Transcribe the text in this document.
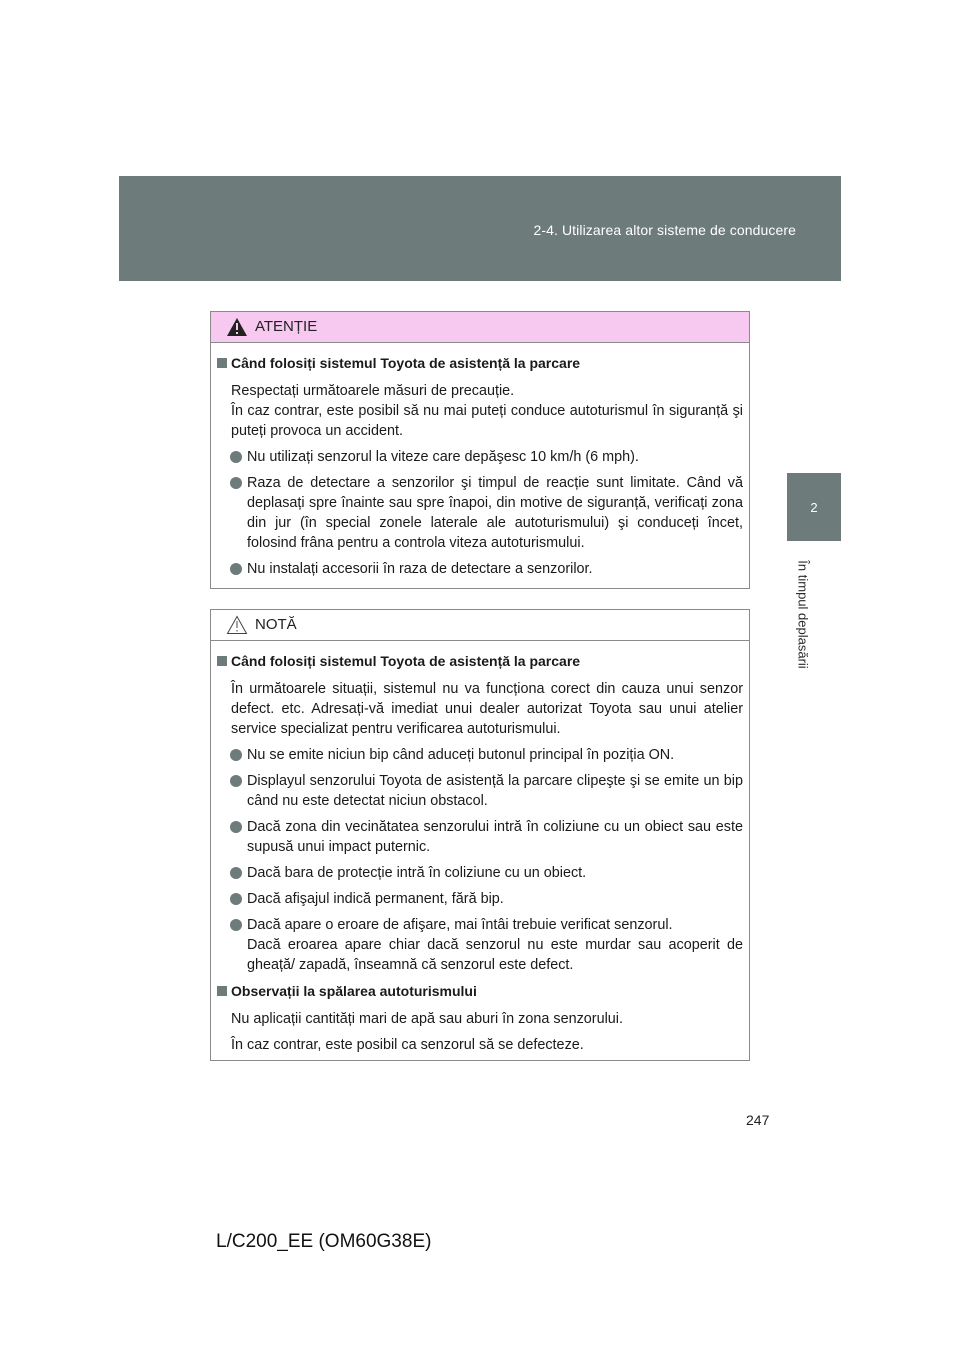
2-4. Utilizarea altor sisteme de conducere
2
În timpul deplasării
ATENȚIE
Când folosiți sistemul Toyota de asistență la parcare
Respectați următoarele măsuri de precauție.
În caz contrar, este posibil să nu mai puteți conduce autoturismul în siguranță şi puteți provoca un accident.
Nu utilizați senzorul la viteze care depăşesc 10 km/h (6 mph).
Raza de detectare a senzorilor şi timpul de reacție sunt limitate. Când vă deplasați spre înainte sau spre înapoi, din motive de siguranță, verificați zona din jur (în special zonele laterale ale autoturismului) şi conduceți încet, folosind frâna pentru a controla viteza autoturismului.
Nu instalați accesorii în raza de detectare a senzorilor.
NOTĂ
Când folosiți sistemul Toyota de asistență la parcare
În următoarele situații, sistemul nu va funcționa corect din cauza unui senzor defect. etc. Adresați-vă imediat unui dealer autorizat Toyota sau unui atelier service specializat pentru verificarea autoturismului.
Nu se emite niciun bip când aduceți butonul principal în poziția ON.
Displayul senzorului Toyota de asistență la parcare clipeşte şi se emite un bip când nu este detectat niciun obstacol.
Dacă zona din vecinătatea senzorului intră în coliziune cu un obiect sau este supusă unui impact puternic.
Dacă bara de protecție intră în coliziune cu un obiect.
Dacă afişajul indică permanent, fără bip.
Dacă apare o eroare de afişare, mai întâi trebuie verificat senzorul.
Dacă eroarea apare chiar dacă senzorul nu este murdar sau acoperit de gheață/ zapadă, înseamnă că senzorul este defect.
Observații la spălarea autoturismului
Nu aplicații cantități mari de apă sau aburi în zona senzorului.
În caz contrar, este posibil ca senzorul să se defecteze.
247
L/C200_EE (OM60G38E)
